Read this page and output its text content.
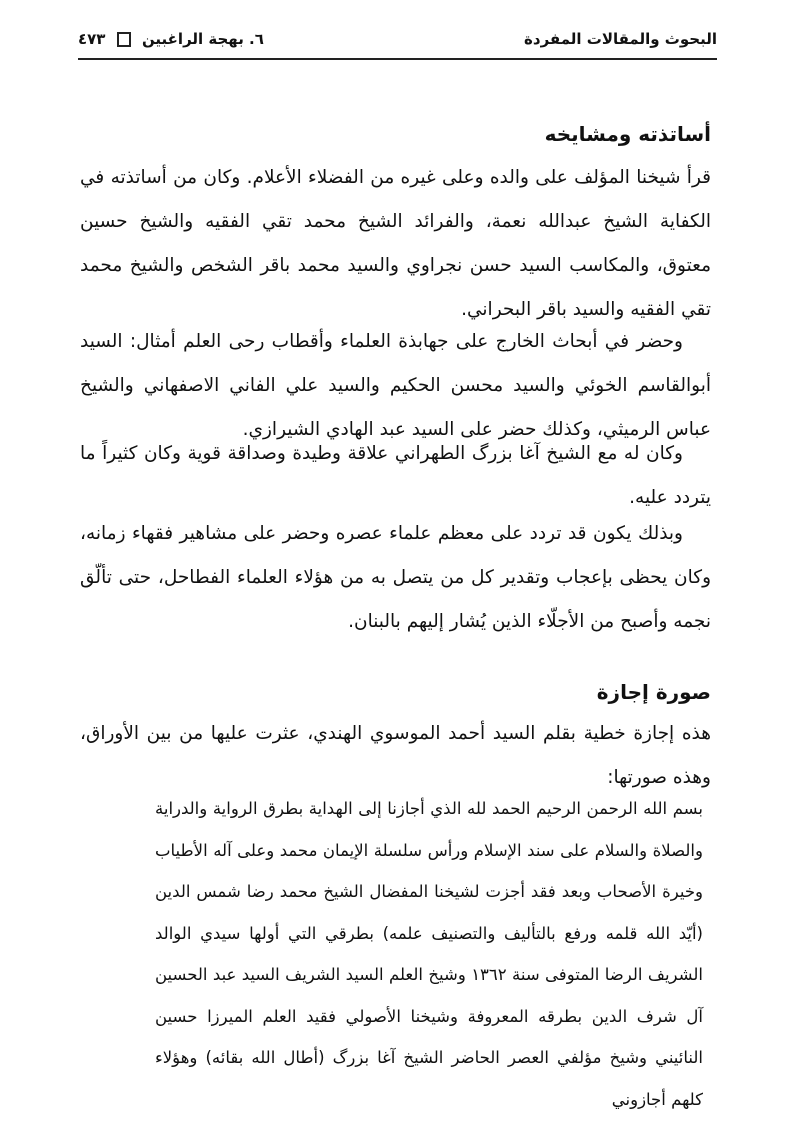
البحوث والمقالات المفردة
٦. بهجة الراغبين  ٤٧٣
أساتذته ومشايخه
قرأ شيخنا المؤلف على والده وعلى غيره من الفضلاء الأعلام. وكان من أساتذته في الكفاية الشيخ عبدالله نعمة، والفرائد الشيخ محمد تقي الفقيه والشيخ حسين معتوق، والمكاسب السيد حسن نجراوي والسيد محمد باقر الشخص والشيخ محمد تقي الفقيه والسيد باقر البحراني.
وحضر في أبحاث الخارج على جهابذة العلماء وأقطاب رحى العلم أمثال: السيد أبوالقاسم الخوئي والسيد محسن الحكيم والسيد علي الفاني الاصفهاني والشيخ عباس الرميثي، وكذلك حضر على السيد عبد الهادي الشيرازي.
وكان له مع الشيخ آغا بزرگ الطهراني علاقة وطيدة وصداقة قوية وكان كثيراً ما يتردد عليه.
وبذلك يكون قد تردد على معظم علماء عصره وحضر على مشاهير فقهاء زمانه، وكان يحظى بإعجاب وتقدير كل من يتصل به من هؤلاء العلماء الفطاحل، حتى تألّق نجمه وأصبح من الأجلّاء الذين يُشار إليهم بالبنان.
صورة إجازة
هذه إجازة خطية بقلم السيد أحمد الموسوي الهندي، عثرت عليها من بين الأوراق، وهذه صورتها:
بسم الله الرحمن الرحيم الحمد لله الذي أجازنا إلى الهداية بطرق الرواية والدراية والصلاة والسلام على سند الإسلام ورأس سلسلة الإيمان محمد وعلى آله الأطياب وخيرة الأصحاب وبعد فقد أجزت لشيخنا المفضال الشيخ محمد رضا شمس الدين (أيّد الله قلمه ورفع بالتأليف والتصنيف علمه) بطرقي التي أولها سيدي الوالد الشريف الرضا المتوفى سنة ١٣٦٢ وشيخ العلم السيد الشريف السيد عبد الحسين آل شرف الدين بطرقه المعروفة وشيخنا الأصولي فقيد العلم الميرزا حسين النائيني وشيخ مؤلفي العصر الحاضر الشيخ آغا بزرگ (أطال الله بقائه) وهؤلاء كلهم أجازوني
